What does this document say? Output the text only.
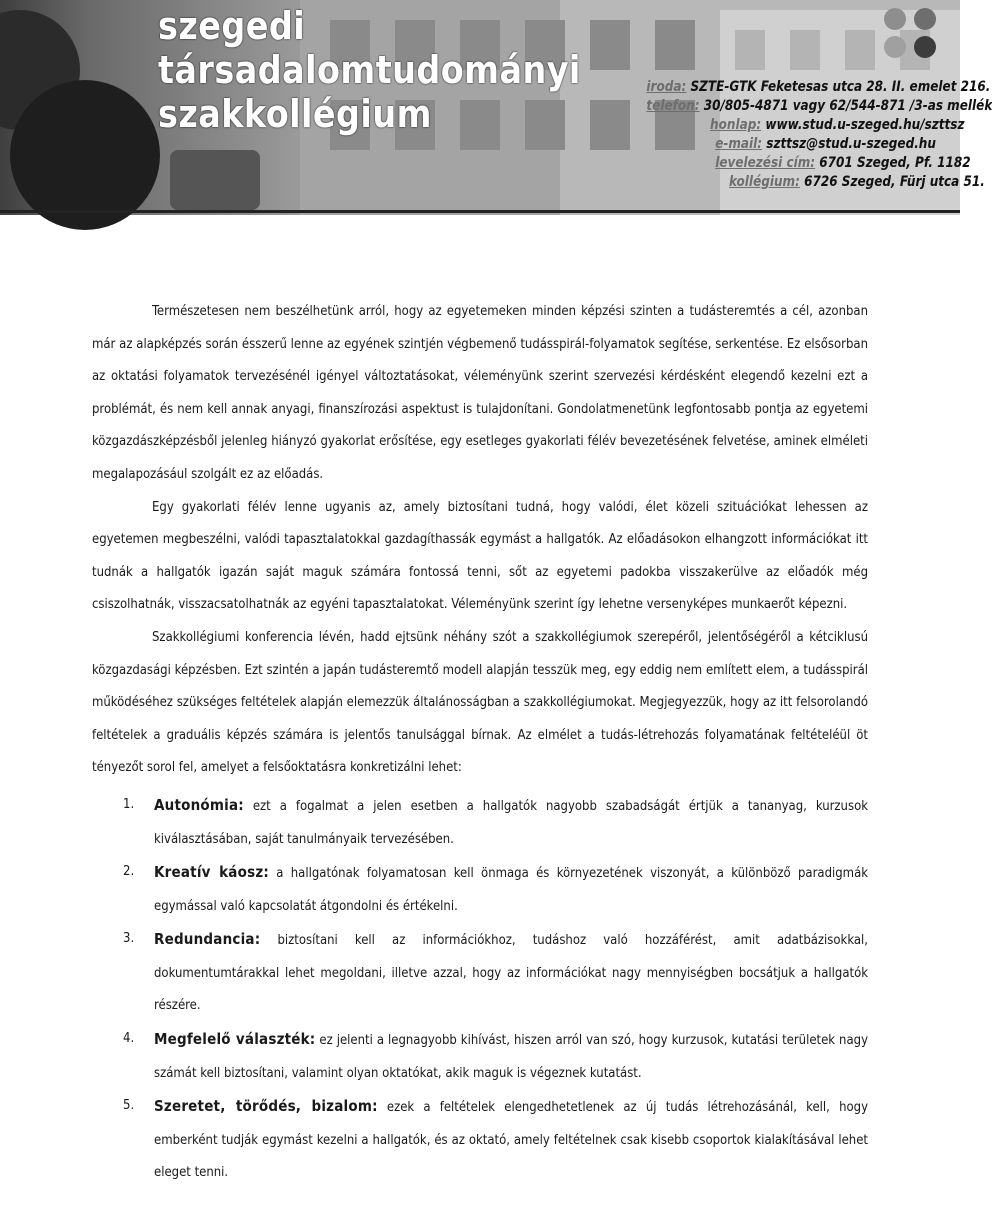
szegedi
társadalomtudományi
szakkollégium
iroda: SZTE-GTK Feketesas utca 28. II. emelet 216.
telefon: 30/805-4871 vagy 62/544-871 /3-as mellék
honlap: www.stud.u-szeged.hu/szttsz
e-mail: szttsz@stud.u-szeged.hu
levelezési cím: 6701 Szeged, Pf. 1182
kollégium: 6726 Szeged, Fürj utca 51.

Természetesen nem beszélhetünk arról, hogy az egyetemeken minden képzési szinten a tudásteremtés a cél, azonban már az alapképzés során ésszerű lenne az egyének szintjén végbemenő tudásspirál-folyamatok segítése, serkentése. Ez elsősorban az oktatási folyamatok tervezésénél igényel változtatásokat, véleményünk szerint szervezési kérdésként elegendő kezelni ezt a problémát, és nem kell annak anyagi, finanszírozási aspektust is tulajdonítani. Gondolatmenetünk legfontosabb pontja az egyetemi közgazdászképzésből jelenleg hiányzó gyakorlat erősítése, egy esetleges gyakorlati félév bevezetésének felvetése, aminek elméleti megalapozásául szolgált ez az előadás.

Egy gyakorlati félév lenne ugyanis az, amely biztosítani tudná, hogy valódi, élet közeli szituációkat lehessen az egyetemen megbeszélni, valódi tapasztalatokkal gazdagíthassák egymást a hallgatók. Az előadásokon elhangzott információkat itt tudnák a hallgatók igazán saját maguk számára fontossá tenni, sőt az egyetemi padokba visszakerülve az előadók még csiszolhatnák, visszacsatolhatnák az egyéni tapasztalatokat. Véleményünk szerint így lehetne versenyképes munkaerőt képezni.

Szakkollégiumi konferencia lévén, hadd ejtsünk néhány szót a szakkollégiumok szerepéről, jelentőségéről a kétciklusú közgazdasági képzésben. Ezt szintén a japán tudásteremtő modell alapján tesszük meg, egy eddig nem említett elem, a tudásspirál működéséhez szükséges feltételek alapján elemezzük általánosságban a szakkollégiumokat. Megjegyezzük, hogy az itt felsorolandó feltételek a graduális képzés számára is jelentős tanulsággal bírnak. Az elmélet a tudás-létrehozás folyamatának feltételéül öt tényezőt sorol fel, amelyet a felsőoktatásra konkretizálni lehet:

1. Autonómia: ezt a fogalmat a jelen esetben a hallgatók nagyobb szabadságát értjük a tananyag, kurzusok kiválasztásában, saját tanulmányaik tervezésében.
2. Kreatív káosz: a hallgatónak folyamatosan kell önmaga és környezetének viszonyát, a különböző paradigmák egymással való kapcsolatát átgondolni és értékelni.
3. Redundancia: biztosítani kell az információkhoz, tudáshoz való hozzáférést, amit adatbázisokkal, dokumentumtárakkal lehet megoldani, illetve azzal, hogy az információkat nagy mennyiségben bocsátjuk a hallgatók részére.
4. Megfelelő választék: ez jelenti a legnagyobb kihívást, hiszen arról van szó, hogy kurzusok, kutatási területek nagy számát kell biztosítani, valamint olyan oktatókat, akik maguk is végeznek kutatást.
5. Szeretet, törődés, bizalom: ezek a feltételek elengedhetetlenek az új tudás létrehozásánál, kell, hogy emberként tudják egymást kezelni a hallgatók, és az oktató, amely feltételnek csak kisebb csoportok kialakításával lehet eleget tenni.
